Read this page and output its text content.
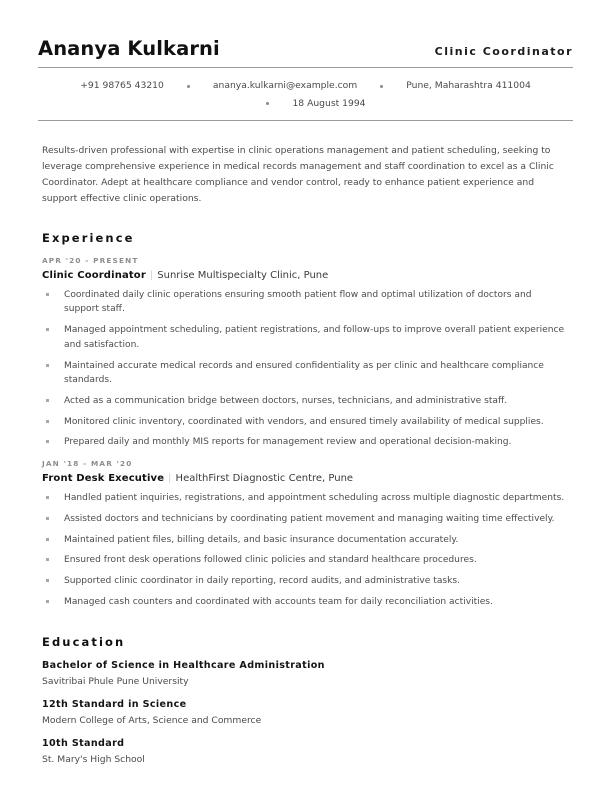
Ananya Kulkarni	Clinic Coordinator
+91 98765 43210	ananya.kulkarni@example.com	Pune, Maharashtra 411004
18 August 1994
Results-driven professional with expertise in clinic operations management and patient scheduling, seeking to leverage comprehensive experience in medical records management and staff coordination to excel as a Clinic Coordinator. Adept at healthcare compliance and vendor control, ready to enhance patient experience and support effective clinic operations.
Experience
APR '20 - PRESENT
Clinic Coordinator | Sunrise Multispecialty Clinic, Pune
Coordinated daily clinic operations ensuring smooth patient flow and optimal utilization of doctors and support staff.
Managed appointment scheduling, patient registrations, and follow-ups to improve overall patient experience and satisfaction.
Maintained accurate medical records and ensured confidentiality as per clinic and healthcare compliance standards.
Acted as a communication bridge between doctors, nurses, technicians, and administrative staff.
Monitored clinic inventory, coordinated with vendors, and ensured timely availability of medical supplies.
Prepared daily and monthly MIS reports for management review and operational decision-making.
JAN '18 - MAR '20
Front Desk Executive | HealthFirst Diagnostic Centre, Pune
Handled patient inquiries, registrations, and appointment scheduling across multiple diagnostic departments.
Assisted doctors and technicians by coordinating patient movement and managing waiting time effectively.
Maintained patient files, billing details, and basic insurance documentation accurately.
Ensured front desk operations followed clinic policies and standard healthcare procedures.
Supported clinic coordinator in daily reporting, record audits, and administrative tasks.
Managed cash counters and coordinated with accounts team for daily reconciliation activities.
Education
Bachelor of Science in Healthcare Administration
Savitribai Phule Pune University
12th Standard in Science
Modern College of Arts, Science and Commerce
10th Standard
St. Mary's High School
